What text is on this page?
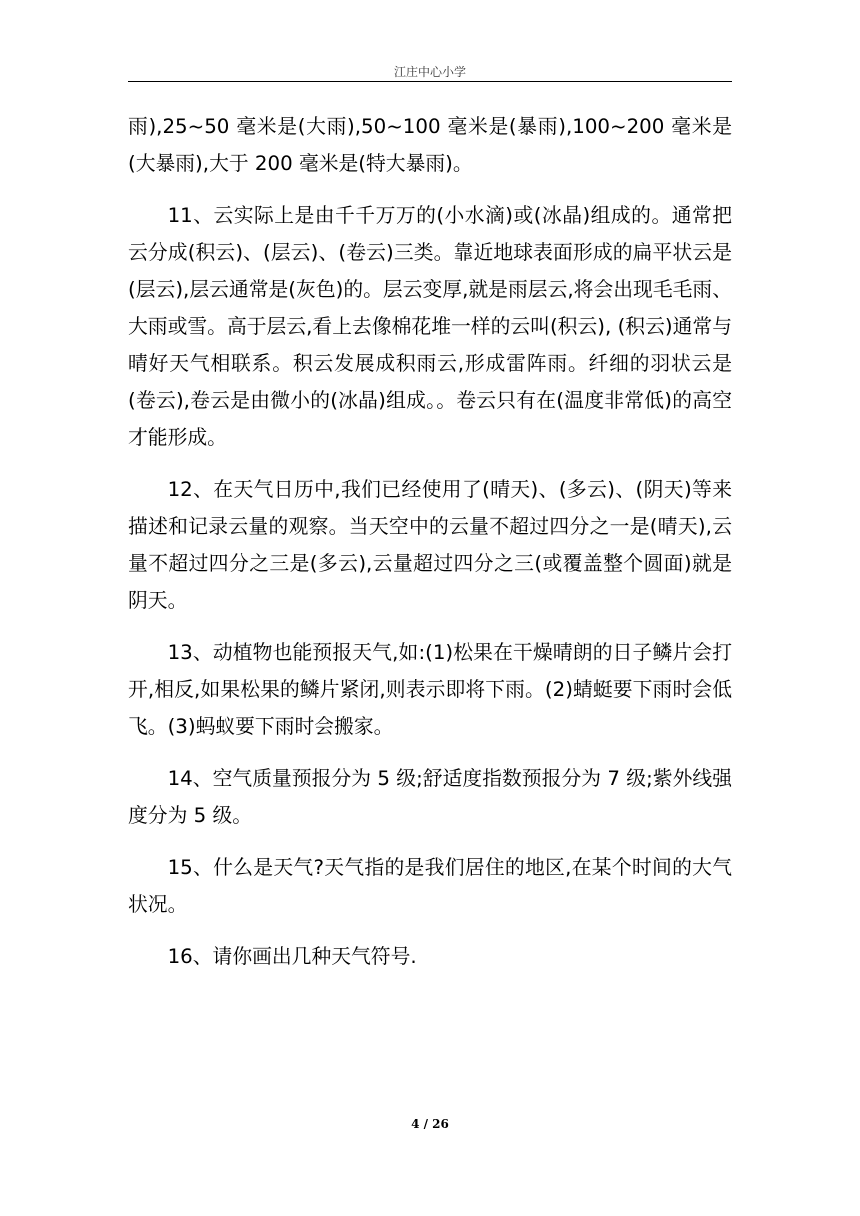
江庄中心小学

雨),25~50 毫米是(大雨),50~100 毫米是(暴雨),100~200 毫米是(大暴雨),大于 200 毫米是(特大暴雨)。

11、云实际上是由千千万万的(小水滴)或(冰晶)组成的。通常把云分成(积云)、(层云)、(卷云)三类。靠近地球表面形成的扁平状云是(层云),层云通常是(灰色)的。层云变厚,就是雨层云,将会出现毛毛雨、大雨或雪。高于层云,看上去像棉花堆一样的云叫(积云), (积云)通常与晴好天气相联系。积云发展成积雨云,形成雷阵雨。纤细的羽状云是(卷云),卷云是由微小的(冰晶)组成。。卷云只有在(温度非常低)的高空才能形成。

12、在天气日历中,我们已经使用了(晴天)、(多云)、(阴天)等来描述和记录云量的观察。当天空中的云量不超过四分之一是(晴天),云量不超过四分之三是(多云),云量超过四分之三(或覆盖整个圆面)就是阴天。

13、动植物也能预报天气,如:(1)松果在干燥晴朗的日子鳞片会打开,相反,如果松果的鳞片紧闭,则表示即将下雨。(2)蜻蜓要下雨时会低飞。(3)蚂蚁要下雨时会搬家。

14、空气质量预报分为 5 级;舒适度指数预报分为 7 级;紫外线强度分为 5 级。

15、什么是天气?天气指的是我们居住的地区,在某个时间的大气状况。

16、请你画出几种天气符号.

4 / 26
